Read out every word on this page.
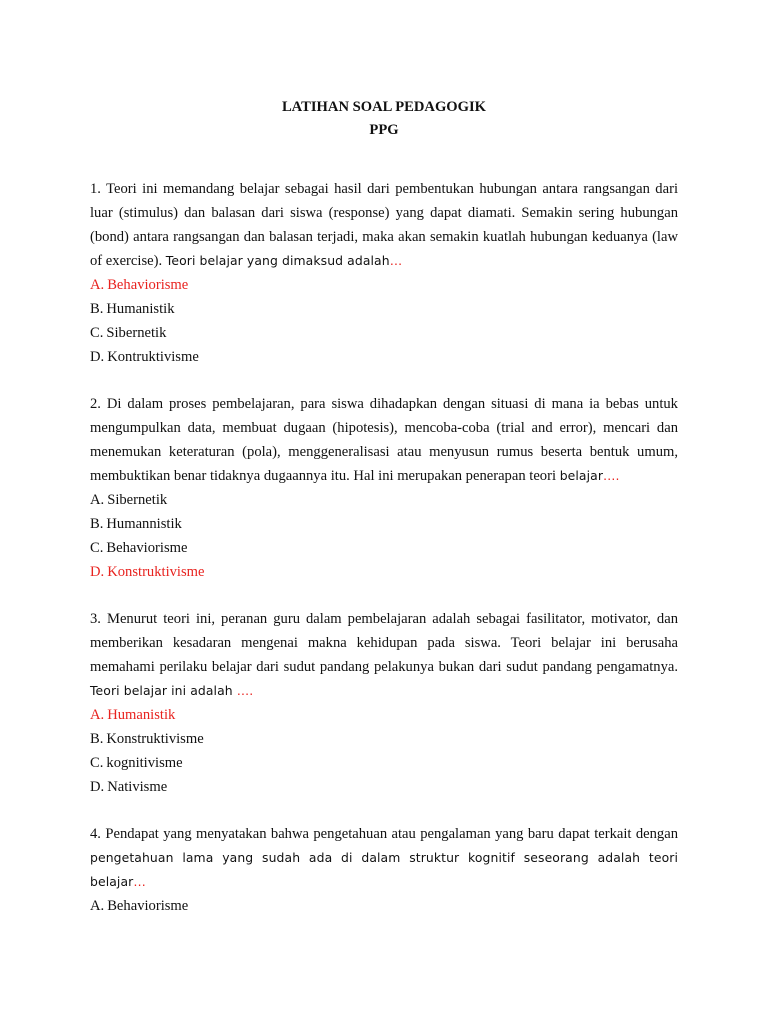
LATIHAN SOAL PEDAGOGIK
PPG
1. Teori ini memandang belajar sebagai hasil dari pembentukan hubungan antara rangsangan dari luar (stimulus) dan balasan dari siswa (response) yang dapat diamati. Semakin sering hubungan (bond) antara rangsangan dan balasan terjadi, maka akan semakin kuatlah hubungan keduanya (law of exercise). Teori belajar yang dimaksud adalah…
A. Behaviorisme
B. Humanistik
C. Sibernetik
D. Kontruktivisme
2. Di dalam proses pembelajaran, para siswa dihadapkan dengan situasi di mana ia bebas untuk mengumpulkan data, membuat dugaan (hipotesis), mencoba-coba (trial and error), mencari dan menemukan keteraturan (pola), menggeneralisasi atau menyusun rumus beserta bentuk umum, membuktikan benar tidaknya dugaannya itu. Hal ini merupakan penerapan teori belajar….
A. Sibernetik
B. Humannistik
C. Behaviorisme
D. Konstruktivisme
3. Menurut teori ini, peranan guru dalam pembelajaran adalah sebagai fasilitator, motivator, dan memberikan kesadaran mengenai makna kehidupan pada siswa. Teori belajar ini berusaha memahami perilaku belajar dari sudut pandang pelakunya bukan dari sudut pandang pengamatnya. Teori belajar ini adalah ….
A. Humanistik
B. Konstruktivisme
C. kognitivisme
D. Nativisme
4. Pendapat yang menyatakan bahwa pengetahuan atau pengalaman yang baru dapat terkait dengan pengetahuan lama yang sudah ada di dalam struktur kognitif seseorang adalah teori belajar…
A. Behaviorisme
